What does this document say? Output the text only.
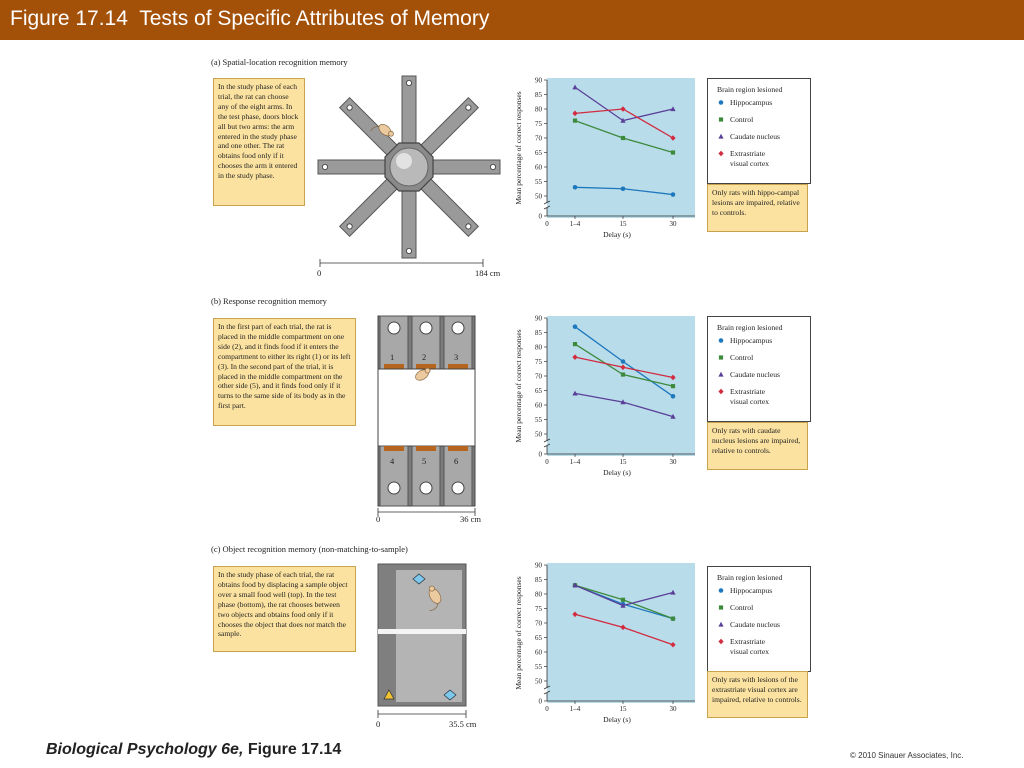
Figure 17.14  Tests of Specific Attributes of Memory
(a) Spatial-location recognition memory
In the study phase of each trial, the rat can choose any of the eight arms. In the test phase, doors block all but two arms: the arm entered in the study phase and one other. The rat obtains food only if it chooses the arm it entered in the study phase.
0	184 cm
0
50
55
60
65
70
75
80
85
90
0	1–4	15	30
Delay (s)
Mean percentage of correct responses
Brain region lesioned
Hippocampus
Control
Caudate nucleus
Extrastriate
visual cortex
Only rats with hippo-campal lesions are impaired, relative to controls.
(b) Response recognition memory
In the first part of each trial, the rat is placed in the middle compartment on one side (2), and it finds food if it enters the compartment to either its right (1) or its left (3). In the second part of the trial, it is placed in the middle compartment on the other side (5), and it finds food only if it turns to the same side of its body as in the first part.
1	2	3
4	5	6
0	36 cm
0
50
55
60
65
70
75
80
85
90
0	1–4	15	30
Delay (s)
Mean percentage of correct responses
Brain region lesioned
Hippocampus
Control
Caudate nucleus
Extrastriate
visual cortex
Only rats with caudate nucleus lesions are impaired, relative to controls.
(c) Object recognition memory (non-matching-to-sample)
In the study phase of each trial, the rat obtains food by displacing a sample object over a small food well (top). In the test phase (bottom), the rat chooses between two objects and obtains food only if it chooses the object that does not match the sample.
0	35.5 cm
0
50
55
60
65
70
75
80
85
90
0	1–4	15	30
Delay (s)
Mean percentage of correct responses	Brain region lesioned
Hippocampus
Control
Caudate nucleus
Extrastriate
visual cortex
Only rats with lesions of the extrastriate visual cortex are impaired, relative to controls.
Biological Psychology 6e, Figure 17.14	© 2010 Sinauer Associates, Inc.
